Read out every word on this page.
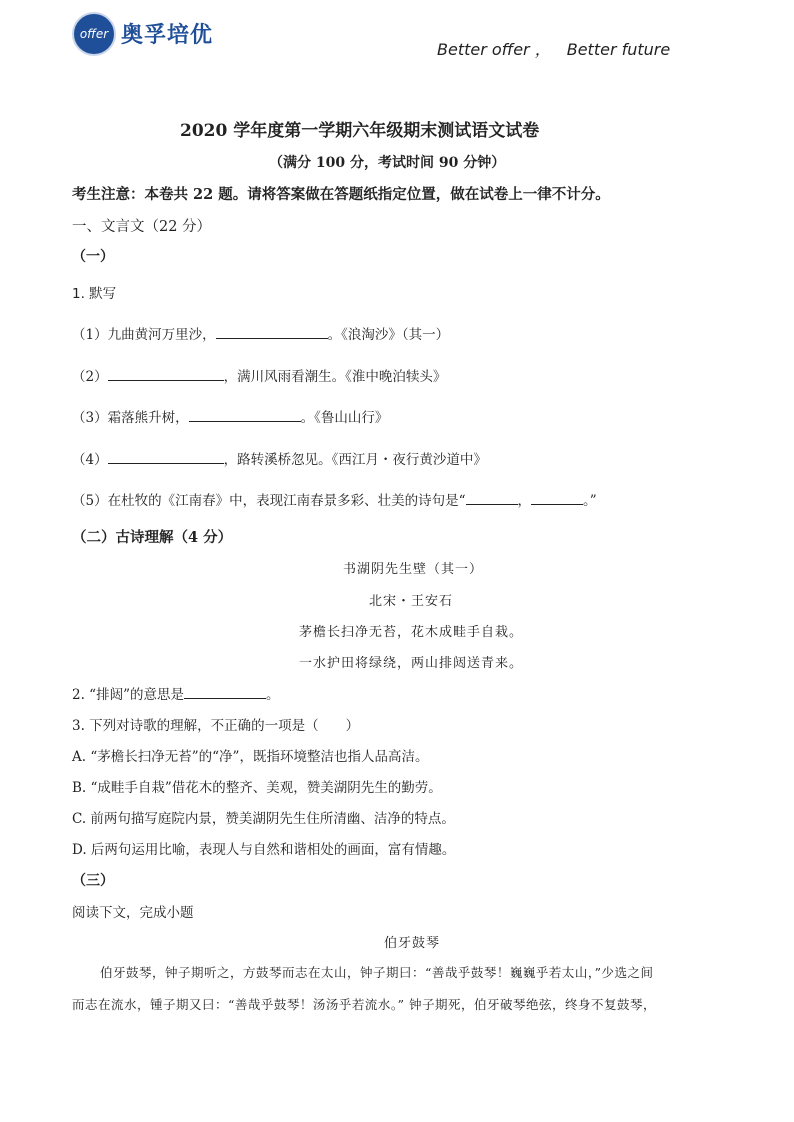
offer 奥孚培优
Better offer ， Better future
2020 学年度第一学期六年级期末测试语文试卷
（满分 100 分，考试时间 90 分钟）
考生注意：本卷共 22 题。请将答案做在答题纸指定位置，做在试卷上一律不计分。
一、文言文（22 分）
（一）
1. 默写
（1）九曲黄河万里沙，	。《浪淘沙》（其一）
（2）	，满川风雨看潮生。《淮中晚泊犊头》
（3）霜落熊升树，	。《鲁山山行》
（4）	，路转溪桥忽见。《西江月・夜行黄沙道中》
（5）在杜牧的《江南春》中，表现江南春景多彩、壮美的诗句是“	，	。”
（二）古诗理解（4 分）
书湖阴先生壁（其一）
北宋・王安石
茅檐长扫净无苔，花木成畦手自栽。
一水护田将绿绕，两山排闼送青来。
2. “排闼”的意思是	。
3. 下列对诗歌的理解，不正确的一项是（　　）
A. “茅檐长扫净无苔”的“净”，既指环境整洁也指人品高洁。
B. “成畦手自栽”借花木的整齐、美观，赞美湖阴先生的勤劳。
C. 前两句描写庭院内景，赞美湖阴先生住所清幽、洁净的特点。
D. 后两句运用比喻，表现人与自然和谐相处的画面，富有情趣。
（三）
阅读下文，完成小题
伯牙鼓琴
伯牙鼓琴，钟子期听之，方鼓琴而志在太山，钟子期曰：“善哉乎鼓琴！巍巍乎若太山，”少选之间
而志在流水，锺子期又曰：“善哉乎鼓琴！汤汤乎若流水。” 钟子期死，伯牙破琴绝弦，终身不复鼓琴，
